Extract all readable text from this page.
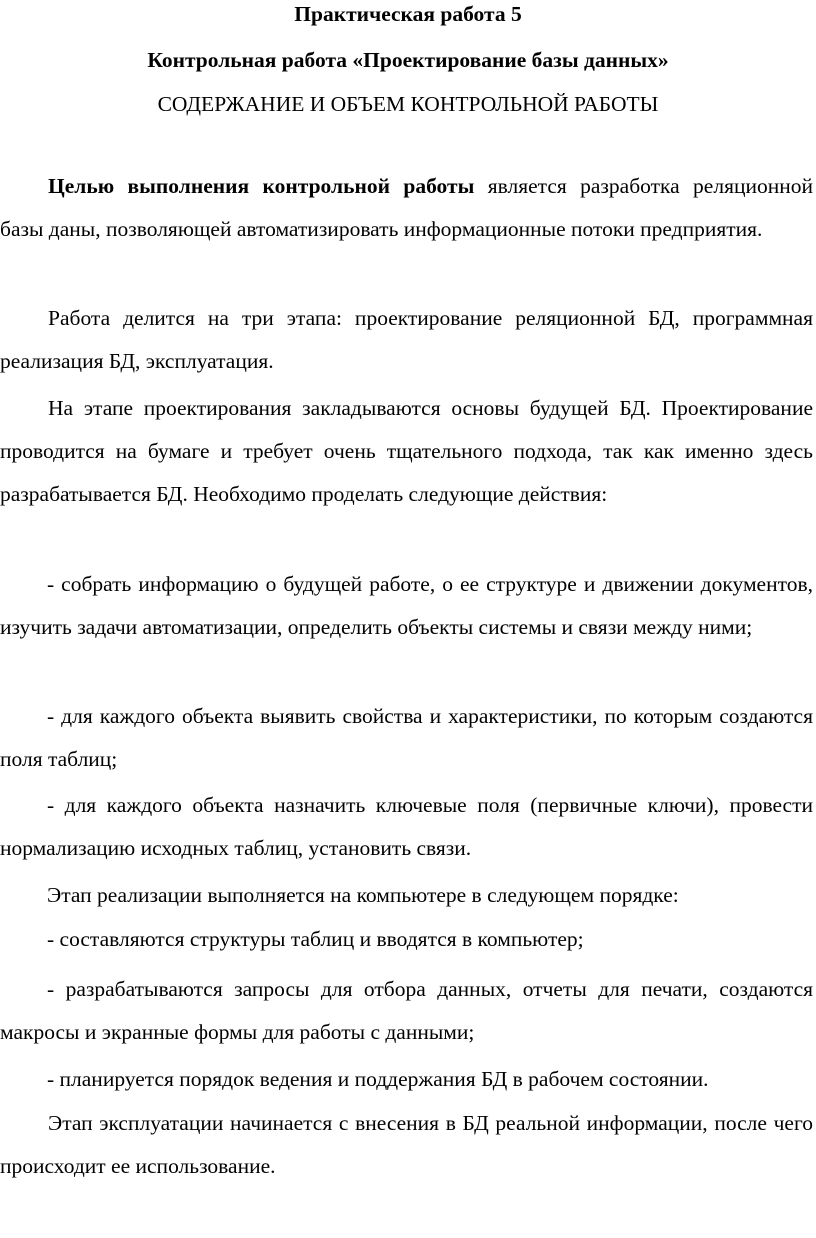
Практическая работа 5
Контрольная работа «Проектирование базы данных»
СОДЕРЖАНИЕ И ОБЪЕМ КОНТРОЛЬНОЙ РАБОТЫ

Целью выполнения контрольной работы является разработка реляционной базы даны, позволяющей автоматизировать информационные потоки предприятия.

Работа делится на три этапа: проектирование реляционной БД, программная реализация БД, эксплуатация.

На этапе проектирования закладываются основы будущей БД. Проектирование проводится на бумаге и требует очень тщательного подхода, так как именно здесь разрабатывается БД. Необходимо проделать следующие действия:

- собрать информацию о будущей работе, о ее структуре и движении документов, изучить задачи автоматизации, определить объекты системы и связи между ними;

- для каждого объекта выявить свойства и характеристики, по которым создаются поля таблиц;

- для каждого объекта назначить ключевые поля (первичные ключи), провести нормализацию исходных таблиц, установить связи.

Этап реализации выполняется на компьютере в следующем порядке:
- составляются структуры таблиц и вводятся в компьютер;

- разрабатываются запросы для отбора данных, отчеты для печати, создаются макросы и экранные формы для работы с данными;

- планируется порядок ведения и поддержания БД в рабочем состоянии.

Этап эксплуатации начинается с внесения в БД реальной информации, после чего происходит ее использование.
